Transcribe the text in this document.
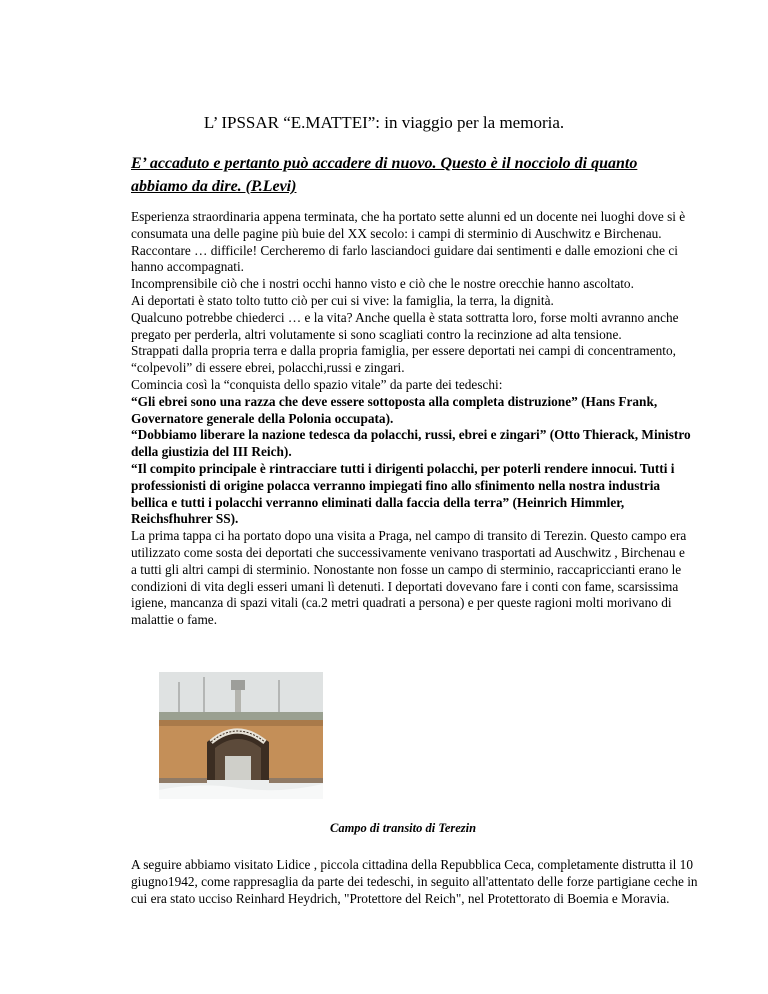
L’ IPSSAR “E.MATTEI”: in viaggio per la memoria.
E’ accaduto e pertanto può accadere di nuovo. Questo è il nocciolo di quanto abbiamo da dire. (P.Levi)

Esperienza straordinaria appena terminata, che ha portato sette alunni ed un docente nei luoghi dove si è consumata una delle pagine più buie del XX secolo: i campi di sterminio di Auschwitz e Birchenau.

Raccontare … difficile! Cercheremo di farlo lasciandoci guidare dai sentimenti e dalle emozioni che ci hanno accompagnati.

Incomprensibile ciò che i nostri occhi hanno visto e ciò che le nostre orecchie hanno ascoltato.

Ai deportati è stato tolto tutto ciò per cui si vive: la famiglia, la terra, la dignità.

Qualcuno potrebbe chiederci … e la vita? Anche quella è stata sottratta loro, forse molti avranno anche pregato per perderla, altri volutamente si sono scagliati contro la recinzione ad alta tensione.

Strappati dalla propria terra e dalla propria famiglia, per essere deportati nei campi di concentramento, “colpevoli” di essere ebrei, polacchi,russi e zingari.

Comincia così la “conquista dello spazio vitale” da parte dei tedeschi:

“Gli ebrei sono una razza che deve essere sottoposta alla completa distruzione” (Hans Frank, Governatore generale della Polonia occupata).

“Dobbiamo liberare la nazione tedesca da polacchi, russi, ebrei e zingari” (Otto Thierack, Ministro della giustizia del III Reich).

“Il compito principale è rintracciare tutti i dirigenti polacchi, per poterli rendere innocui. Tutti i professionisti di origine polacca verranno impiegati fino allo sfinimento nella nostra industria bellica e tutti i polacchi verranno eliminati dalla faccia della terra” (Heinrich Himmler, Reichsfhuhrer SS).

La prima tappa ci ha portato dopo una visita a Praga, nel campo di transito di Terezin. Questo campo era utilizzato come sosta dei deportati che successivamente venivano trasportati ad Auschwitz , Birchenau e a tutti gli altri campi di sterminio. Nonostante non fosse un campo di sterminio, raccapriccianti erano le condizioni di vita degli esseri umani lì detenuti. I deportati dovevano fare i conti con fame, scarsissima igiene, mancanza di spazi vitali (ca.2 metri quadrati a persona) e per queste ragioni molti morivano di malattie o fame.

Campo di transito di Terezin

A seguire abbiamo visitato Lidice , piccola cittadina della Repubblica Ceca, completamente distrutta il 10 giugno1942, come rappresaglia da parte dei tedeschi, in seguito all'attentato delle forze partigiane ceche in cui era stato ucciso Reinhard Heydrich, "Protettore del Reich", nel Protettorato di Boemia e Moravia.
